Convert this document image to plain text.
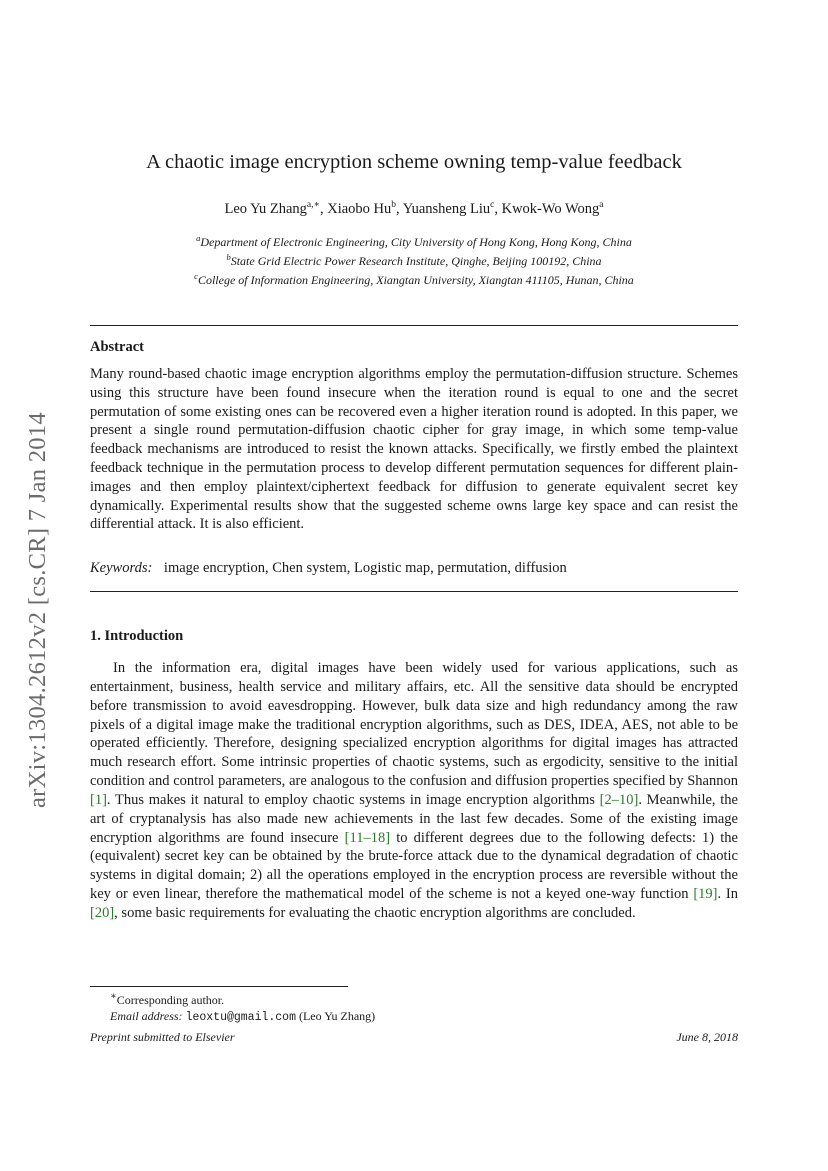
arXiv:1304.2612v2 [cs.CR] 7 Jan 2014
A chaotic image encryption scheme owning temp-value feedback
Leo Yu Zhang$^{a,∗}$, Xiaobo Hu$^b$, Yuansheng Liu$^c$, Kwok-Wo Wong$^a$
$^a$Department of Electronic Engineering, City University of Hong Kong, Hong Kong, China
$^b$State Grid Electric Power Research Institute, Qinghe, Beijing 100192, China
$^c$College of Information Engineering, Xiangtan University, Xiangtan 411105, Hunan, China
Abstract
Many round-based chaotic image encryption algorithms employ the permutation-diffusion structure. Schemes using this structure have been found insecure when the iteration round is equal to one and the secret permutation of some existing ones can be recovered even a higher iteration round is adopted. In this paper, we present a single round permutation-diffusion chaotic cipher for gray image, in which some temp-value feedback mechanisms are introduced to resist the known attacks. Specifically, we firstly embed the plaintext feedback technique in the permutation process to develop different permutation sequences for different plain-images and then employ plaintext/ciphertext feedback for diffusion to generate equivalent secret key dynamically. Experimental results show that the suggested scheme owns large key space and can resist the differential attack. It is also efficient.
Keywords: image encryption, Chen system, Logistic map, permutation, diffusion
1. Introduction
In the information era, digital images have been widely used for various applications, such as entertainment, business, health service and military affairs, etc. All the sensitive data should be encrypted before transmission to avoid eavesdropping. However, bulk data size and high redundancy among the raw pixels of a digital image make the traditional encryption algorithms, such as DES, IDEA, AES, not able to be operated efficiently. Therefore, designing specialized encryption algorithms for digital images has attracted much research effort. Some intrinsic properties of chaotic systems, such as ergodicity, sensitive to the initial condition and control parameters, are analogous to the confusion and diffusion properties specified by Shannon [1]. Thus makes it natural to employ chaotic systems in image encryption algorithms [2–10]. Meanwhile, the art of cryptanalysis has also made new achievements in the last few decades. Some of the existing image encryption algorithms are found insecure [11–18] to different degrees due to the following defects: 1) the (equivalent) secret key can be obtained by the brute-force attack due to the dynamical degradation of chaotic systems in digital domain; 2) all the operations employed in the encryption process are reversible without the key or even linear, therefore the mathematical model of the scheme is not a keyed one-way function [19]. In [20], some basic requirements for evaluating the chaotic encryption algorithms are concluded.
∗Corresponding author.
Email address: leoxtu@gmail.com (Leo Yu Zhang)
Preprint submitted to Elsevier	June 8, 2018
